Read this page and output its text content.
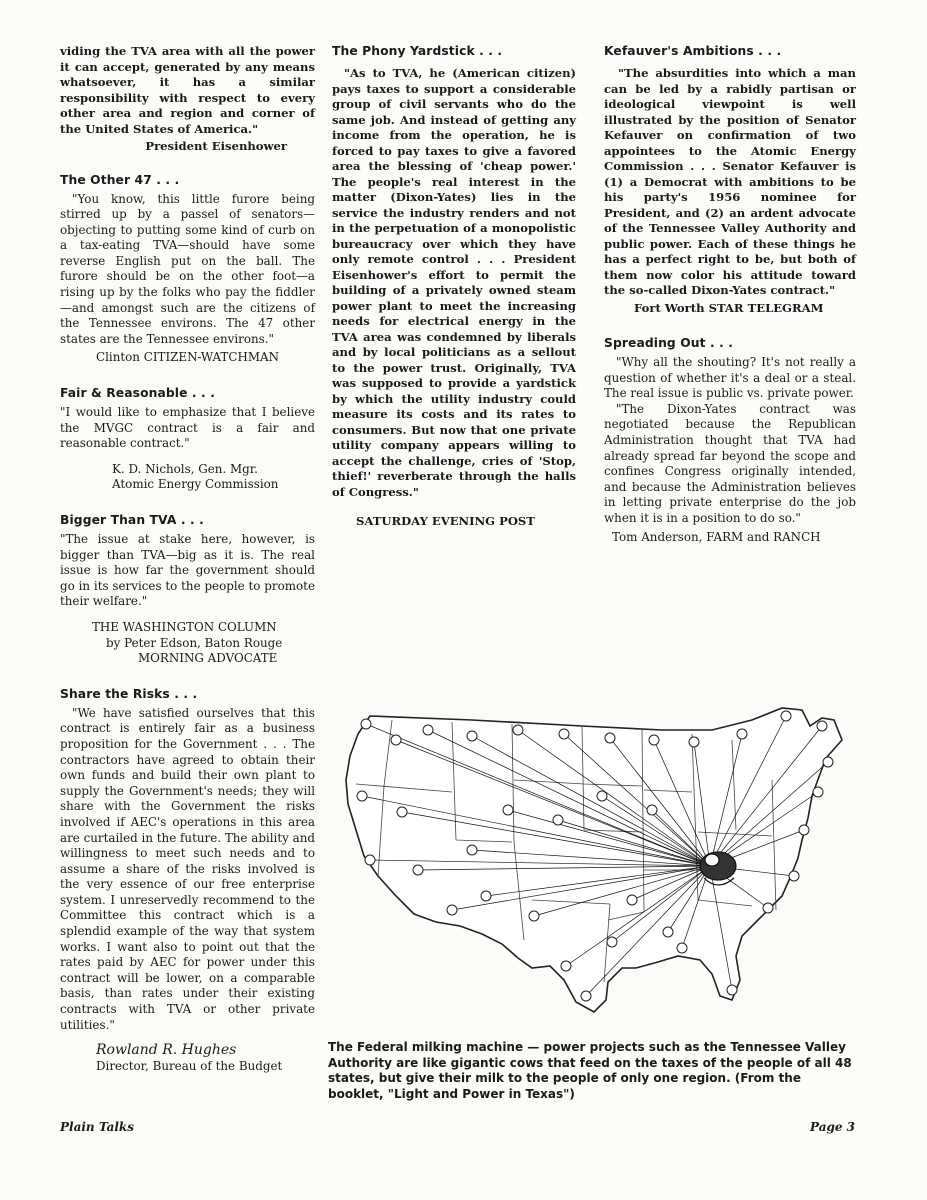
viding the TVA area with all the power it can accept, generated by any means whatsoever, it has a similar responsibility with respect to every other area and region and corner of the United States of America."

President Eisenhower

The Other 47 . . .

"You know, this little furore being stirred up by a passel of senators—objecting to putting some kind of curb on a tax-eating TVA—should have some reverse English put on the ball. The furore should be on the other foot—a rising up by the folks who pay the fiddler—and amongst such are the citizens of the Tennessee environs. The 47 other states are the Tennessee environs."

Clinton CITIZEN-WATCHMAN

Fair & Reasonable . . .

"I would like to emphasize that I believe the MVGC contract is a fair and reasonable contract."

K. D. Nichols, Gen. Mgr.

Atomic Energy Commission

Bigger Than TVA . . .

"The issue at stake here, however, is bigger than TVA—big as it is. The real issue is how far the government should go in its services to the people to promote their welfare."

THE WASHINGTON COLUMN

by Peter Edson, Baton Rouge

MORNING ADVOCATE

Share the Risks . . .

"We have satisfied ourselves that this contract is entirely fair as a business proposition for the Government . . . The contractors have agreed to obtain their own funds and build their own plant to supply the Government's needs; they will share with the Government the risks involved if AEC's operations in this area are curtailed in the future. The ability and willingness to meet such needs and to assume a share of the risks involved is the very essence of our free enterprise system. I unreservedly recommend to the Committee this contract which is a splendid example of the way that system works. I want also to point out that the rates paid by AEC for power under this contract will be lower, on a comparable basis, than rates under their existing contracts with TVA or other private utilities."

Rowland R. Hughes
Director, Bureau of the Budget
The Phony Yardstick . . .

"As to TVA, he (American citizen) pays taxes to support a considerable group of civil servants who do the same job. And instead of getting any income from the operation, he is forced to pay taxes to give a favored area the blessing of 'cheap power.' The people's real interest in the matter (Dixon-Yates) lies in the service the industry renders and not in the perpetuation of a monopolistic bureaucracy over which they have only remote control . . . President Eisenhower's effort to permit the building of a privately owned steam power plant to meet the increasing needs for electrical energy in the TVA area was condemned by liberals and by local politicians as a sellout to the power trust. Originally, TVA was supposed to provide a yardstick by which the utility industry could measure its costs and its rates to consumers. But now that one private utility company appears willing to accept the challenge, cries of 'Stop, thief!' reverberate through the halls of Congress."

SATURDAY EVENING POST

Kefauver's Ambitions . . .

"The absurdities into which a man can be led by a rabidly partisan or ideological viewpoint is well illustrated by the position of Senator Kefauver on confirmation of two appointees to the Atomic Energy Commission . . . Senator Kefauver is (1) a Democrat with ambitions to be his party's 1956 nominee for President, and (2) an ardent advocate of the Tennessee Valley Authority and public power. Each of these things he has a perfect right to be, but both of them now color his attitude toward the so-called Dixon-Yates contract."

Fort Worth STAR TELEGRAM

Spreading Out . . .

"Why all the shouting? It's not really a question of whether it's a deal or a steal. The real issue is public vs. private power.

"The Dixon-Yates contract was negotiated because the Republican Administration thought that TVA had already spread far beyond the scope and confines Congress originally intended, and because the Administration believes in letting private enterprise do the job when it is in a position to do so."

Tom Anderson, FARM and RANCH

The Federal milking machine — power projects such as the Tennessee Valley Authority are like gigantic cows that feed on the taxes of the people of all 48 states, but give their milk to the people of only one region. (From the booklet, "Light and Power in Texas")
Plain Talks	Page 3
